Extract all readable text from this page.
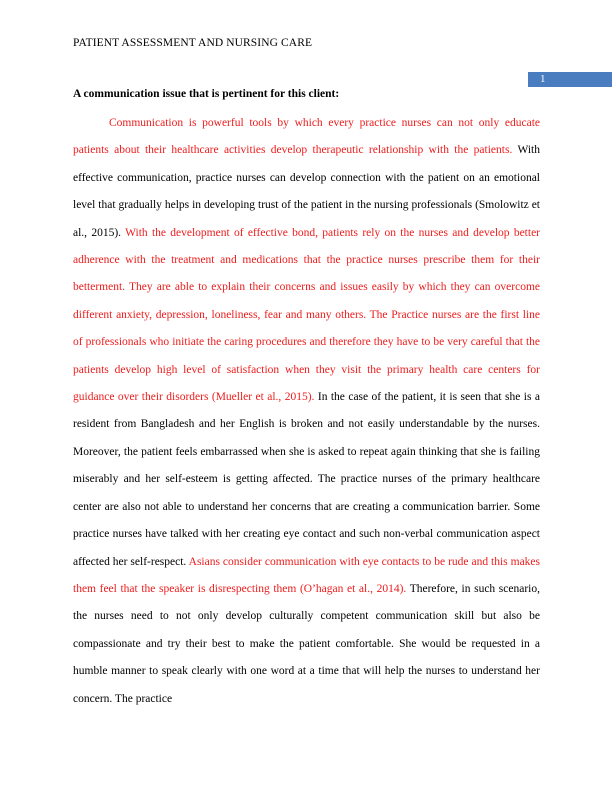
PATIENT ASSESSMENT AND NURSING CARE
1
A communication issue that is pertinent for this client:

Communication is powerful tools by which every practice nurses can not only educate patients about their healthcare activities develop therapeutic relationship with the patients. With effective communication, practice nurses can develop connection with the patient on an emotional level that gradually helps in developing trust of the patient in the nursing professionals (Smolowitz et al., 2015). With the development of effective bond, patients rely on the nurses and develop better adherence with the treatment and medications that the practice nurses prescribe them for their betterment. They are able to explain their concerns and issues easily by which they can overcome different anxiety, depression, loneliness, fear and many others. The Practice nurses are the first line of professionals who initiate the caring procedures and therefore they have to be very careful that the patients develop high level of satisfaction when they visit the primary health care centers for guidance over their disorders (Mueller et al., 2015). In the case of the patient, it is seen that she is a resident from Bangladesh and her English is broken and not easily understandable by the nurses. Moreover, the patient feels embarrassed when she is asked to repeat again thinking that she is failing miserably and her self-esteem is getting affected. The practice nurses of the primary healthcare center are also not able to understand her concerns that are creating a communication barrier. Some practice nurses have talked with her creating eye contact and such non-verbal communication aspect affected her self-respect. Asians consider communication with eye contacts to be rude and this makes them feel that the speaker is disrespecting them (O’hagan et al., 2014). Therefore, in such scenario, the nurses need to not only develop culturally competent communication skill but also be compassionate and try their best to make the patient comfortable. She would be requested in a humble manner to speak clearly with one word at a time that will help the nurses to understand her concern. The practice
